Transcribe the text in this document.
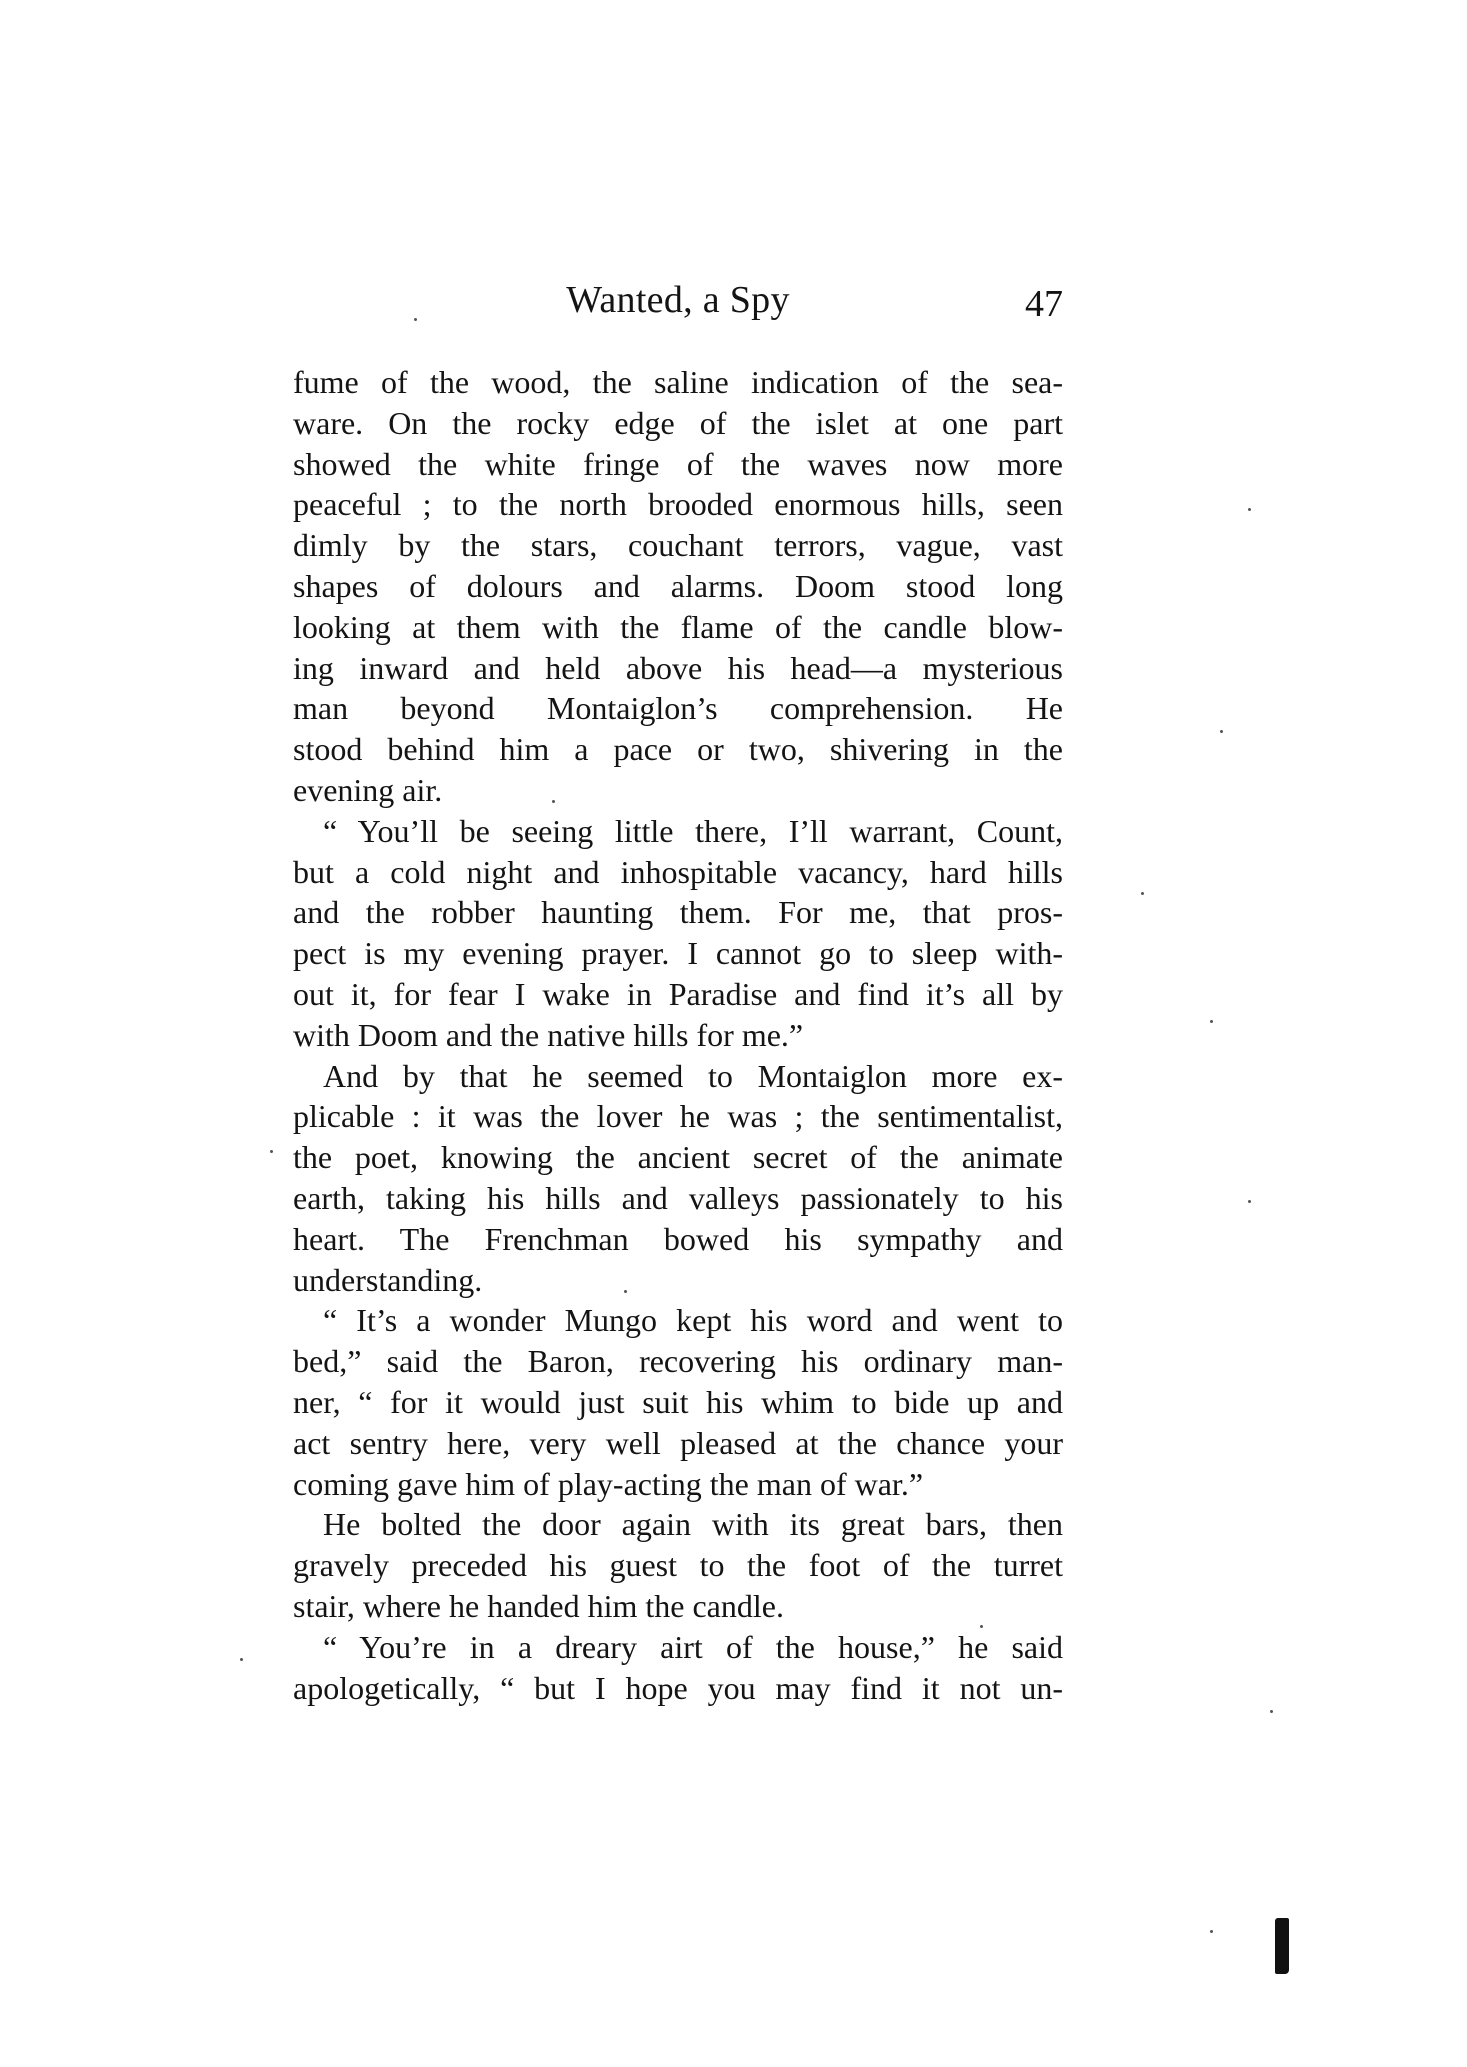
Wanted, a Spy	47
fume of the wood, the saline indication of the sea-
ware. On the rocky edge of the islet at one part
showed the white fringe of the waves now more
peaceful ; to the north brooded enormous hills, seen
dimly by the stars, couchant terrors, vague, vast
shapes of dolours and alarms. Doom stood long
looking at them with the flame of the candle blow-
ing inward and held above his head—a mysterious
man beyond Montaiglon’s comprehension. He
stood behind him a pace or two, shivering in the
evening air.
“ You’ll be seeing little there, I’ll warrant, Count,
but a cold night and inhospitable vacancy, hard hills
and the robber haunting them. For me, that pros-
pect is my evening prayer. I cannot go to sleep with-
out it, for fear I wake in Paradise and find it’s all by
with Doom and the native hills for me.”
And by that he seemed to Montaiglon more ex-
plicable : it was the lover he was ; the sentimentalist,
the poet, knowing the ancient secret of the animate
earth, taking his hills and valleys passionately to his
heart. The Frenchman bowed his sympathy and
understanding.
“ It’s a wonder Mungo kept his word and went to
bed,” said the Baron, recovering his ordinary man-
ner, “ for it would just suit his whim to bide up and
act sentry here, very well pleased at the chance your
coming gave him of play-acting the man of war.”
He bolted the door again with its great bars, then
gravely preceded his guest to the foot of the turret
stair, where he handed him the candle.
“ You’re in a dreary airt of the house,” he said
apologetically, “ but I hope you may find it not un-
